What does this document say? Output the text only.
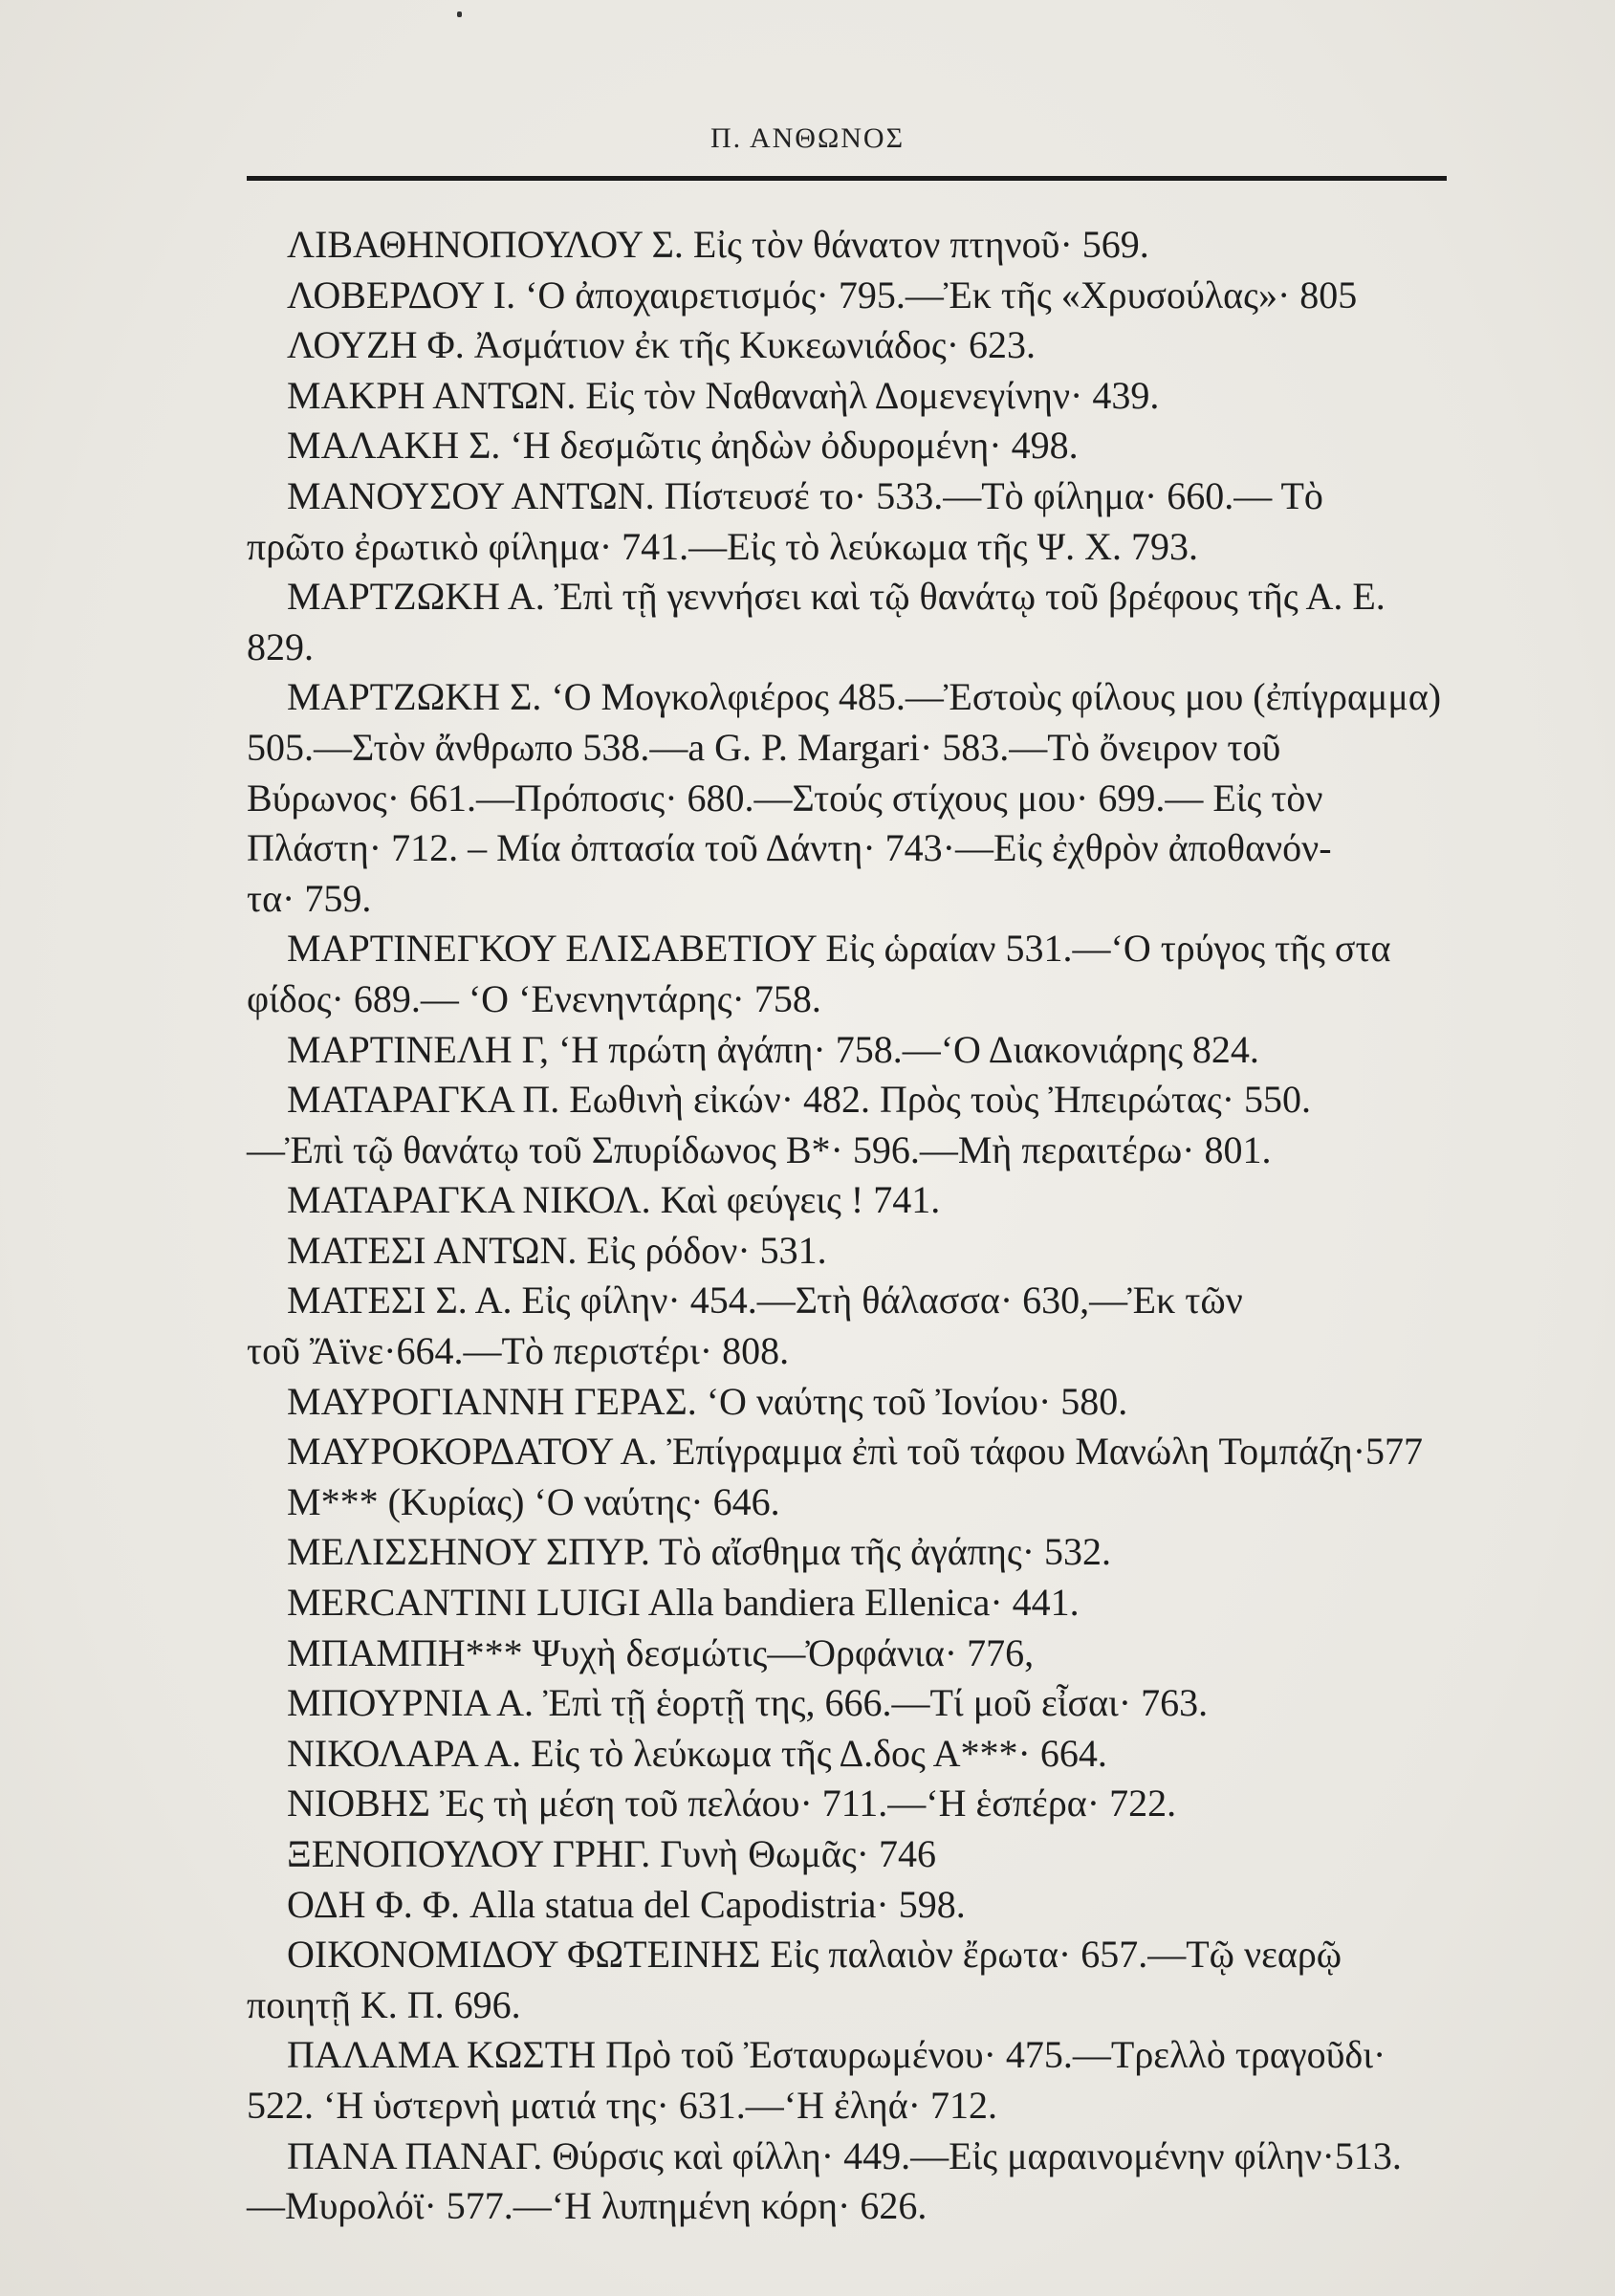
Π. ΑΝΘΩΝΟΣ
ΛΙΒΑΘΗΝΟΠΟΥΛΟΥ Σ. Εἰς τὸν θάνατον πτηνοῦ· 569.
ΛΟΒΕΡΔΟΥ Ι. ‘Ο ἀποχαιρετισμός· 795.—Ἐκ τῆς «Χρυσούλας»· 805
ΛΟΥΖΗ Φ. Ἀσμάτιον ἐκ τῆς Κυκεωνιάδος· 623.
ΜΑΚΡΗ ΑΝΤΩΝ. Εἰς τὸν Ναθαναὴλ Δομενεγίνην· 439.
ΜΑΛΑΚΗ Σ. ‘Η δεσμῶτις ἀηδὼν ὀδυρομένη· 498.
ΜΑΝΟΥΣΟΥ ΑΝΤΩΝ. Πίστευσέ το· 533.—Τὸ φίλημα· 660.— Τὸ
πρῶτο ἐρωτικὸ φίλημα· 741.—Εἰς τὸ λεύκωμα τῆς Ψ. Χ. 793.
ΜΑΡΤΖΩΚΗ Α. Ἐπὶ τῇ γεννήσει καὶ τῷ θανάτῳ τοῦ βρέφους τῆς Α. Ε.
829.
ΜΑΡΤΖΩΚΗ Σ. ‘Ο Μογκολφιέρος 485.—Ἐστοὺς φίλους μου (ἐπίγραμμα)
505.—Στὸν ἄνθρωπο 538.—a G. P. Margari· 583.—Τὸ ὄνειρον τοῦ
Βύρωνος· 661.—Πρόποσις· 680.—Στούς στίχους μου· 699.— Εἰς τὸν
Πλάστη· 712. – Μία ὀπτασία τοῦ Δάντη· 743·—Εἰς ἐχθρὸν ἀποθανόν-
τα· 759.
ΜΑΡΤΙΝΕΓΚΟΥ ΕΛΙΣΑΒΕΤΙΟΥ Εἰς ὡραίαν 531.—‘Ο τρύγος τῆς στα
φίδος· 689.— ‘Ο ‘Ενενηντάρης· 758.
ΜΑΡΤΙΝΕΛΗ Γ, ‘Η πρώτη ἀγάπη· 758.—‘Ο Διακονιάρης 824.
ΜΑΤΑΡΑΓΚΑ Π. Εωθινὴ εἰκών· 482. Πρὸς τοὺς Ἠπειρώτας· 550.
—Ἐπὶ τῷ θανάτῳ τοῦ Σπυρίδωνος Β*· 596.—Μὴ περαιτέρω· 801.
ΜΑΤΑΡΑΓΚΑ ΝΙΚΟΛ. Καὶ φεύγεις ! 741.
ΜΑΤΕΣΙ ΑΝΤΩΝ. Εἰς ρόδον· 531.
ΜΑΤΕΣΙ Σ. Α. Εἰς φίλην· 454.—Στὴ θάλασσα· 630,—Ἐκ τῶν
τοῦ Ἄϊνε·664.—Τὸ περιστέρι· 808.
ΜΑΥΡΟΓΙΑΝΝΗ ΓΕΡΑΣ. ‘Ο ναύτης τοῦ Ἰονίου· 580.
ΜΑΥΡΟΚΟΡΔΑΤΟΥ Α. Ἐπίγραμμα ἐπὶ τοῦ τάφου Μανώλη Τομπάζη·577
Μ*** (Κυρίας) ‘Ο ναύτης· 646.
ΜΕΛΙΣΣΗΝΟΥ ΣΠΥΡ. Τὸ αἴσθημα τῆς ἀγάπης· 532.
MERCANTINI LUIGI Alla bandiera Ellenica· 441.
ΜΠΑΜΠΗ*** Ψυχὴ δεσμώτις—Ὀρφάνια· 776,
ΜΠΟΥΡΝΙΑ Α. Ἐπὶ τῇ ἑορτῇ της, 666.—Τί μοῦ εἶσαι· 763.
ΝΙΚΟΛΑΡΑ Α. Εἰς τὸ λεύκωμα τῆς Δ.δος Α***· 664.
ΝΙΟΒΗΣ Ἐς τὴ μέση τοῦ πελάου· 711.—‘Η ἑσπέρα· 722.
ΞΕΝΟΠΟΥΛΟΥ ΓΡΗΓ. Γυνὴ Θωμᾶς· 746
ΟΔΗ Φ. Φ. Alla statua del Capodistria· 598.
ΟΙΚΟΝΟΜΙΔΟΥ ΦΩΤΕΙΝΗΣ Εἰς παλαιὸν ἔρωτα· 657.—Τῷ νεαρῷ
ποιητῇ Κ. Π. 696.
ΠΑΛΑΜΑ ΚΩΣΤΗ Πρὸ τοῦ Ἐσταυρωμένου· 475.—Τρελλὸ τραγοῦδι·
522. ‘Η ὑστερνὴ ματιά της· 631.—‘Η ἐληά· 712.
ΠΑΝΑ ΠΑΝΑΓ. Θύρσις καὶ φίλλη· 449.—Εἰς μαραινομένην φίλην·513.
—Μυρολόϊ· 577.—‘Η λυπημένη κόρη· 626.
